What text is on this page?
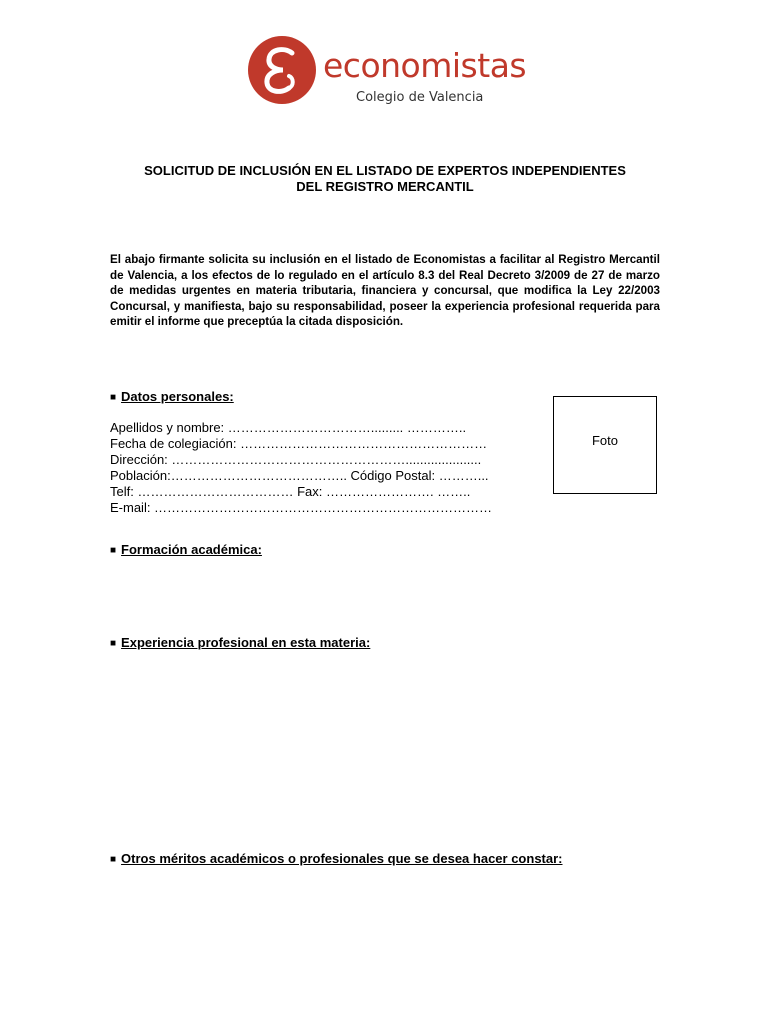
economistas
Colegio de Valencia
SOLICITUD DE INCLUSIÓN EN EL LISTADO DE EXPERTOS INDEPENDIENTES
DEL REGISTRO MERCANTIL
El abajo firmante solicita su inclusión en el listado de Economistas a facilitar al Registro Mercantil de Valencia, a los efectos de lo regulado en el artículo 8.3 del Real Decreto 3/2009 de 27 de marzo de medidas urgentes en materia tributaria, financiera y concursal, que modifica la Ley 22/2003 Concursal, y manifiesta, bajo su responsabilidad, poseer la experiencia profesional requerida para emitir el informe que preceptúa la citada disposición.
■ Datos personales:
Apellidos y nombre: ……………………………......... …………..
Fecha de colegiación: …………………………………………………
Dirección: ……………………………………………….....................
Población:………………………………….. Código Postal: ………...
Telf: ……………………………… Fax: ……………………. ……..
E-mail: ……………………………………………………………………
Foto
■ Formación académica:
■ Experiencia profesional en esta materia:
■ Otros méritos académicos o profesionales que se desea hacer constar:
